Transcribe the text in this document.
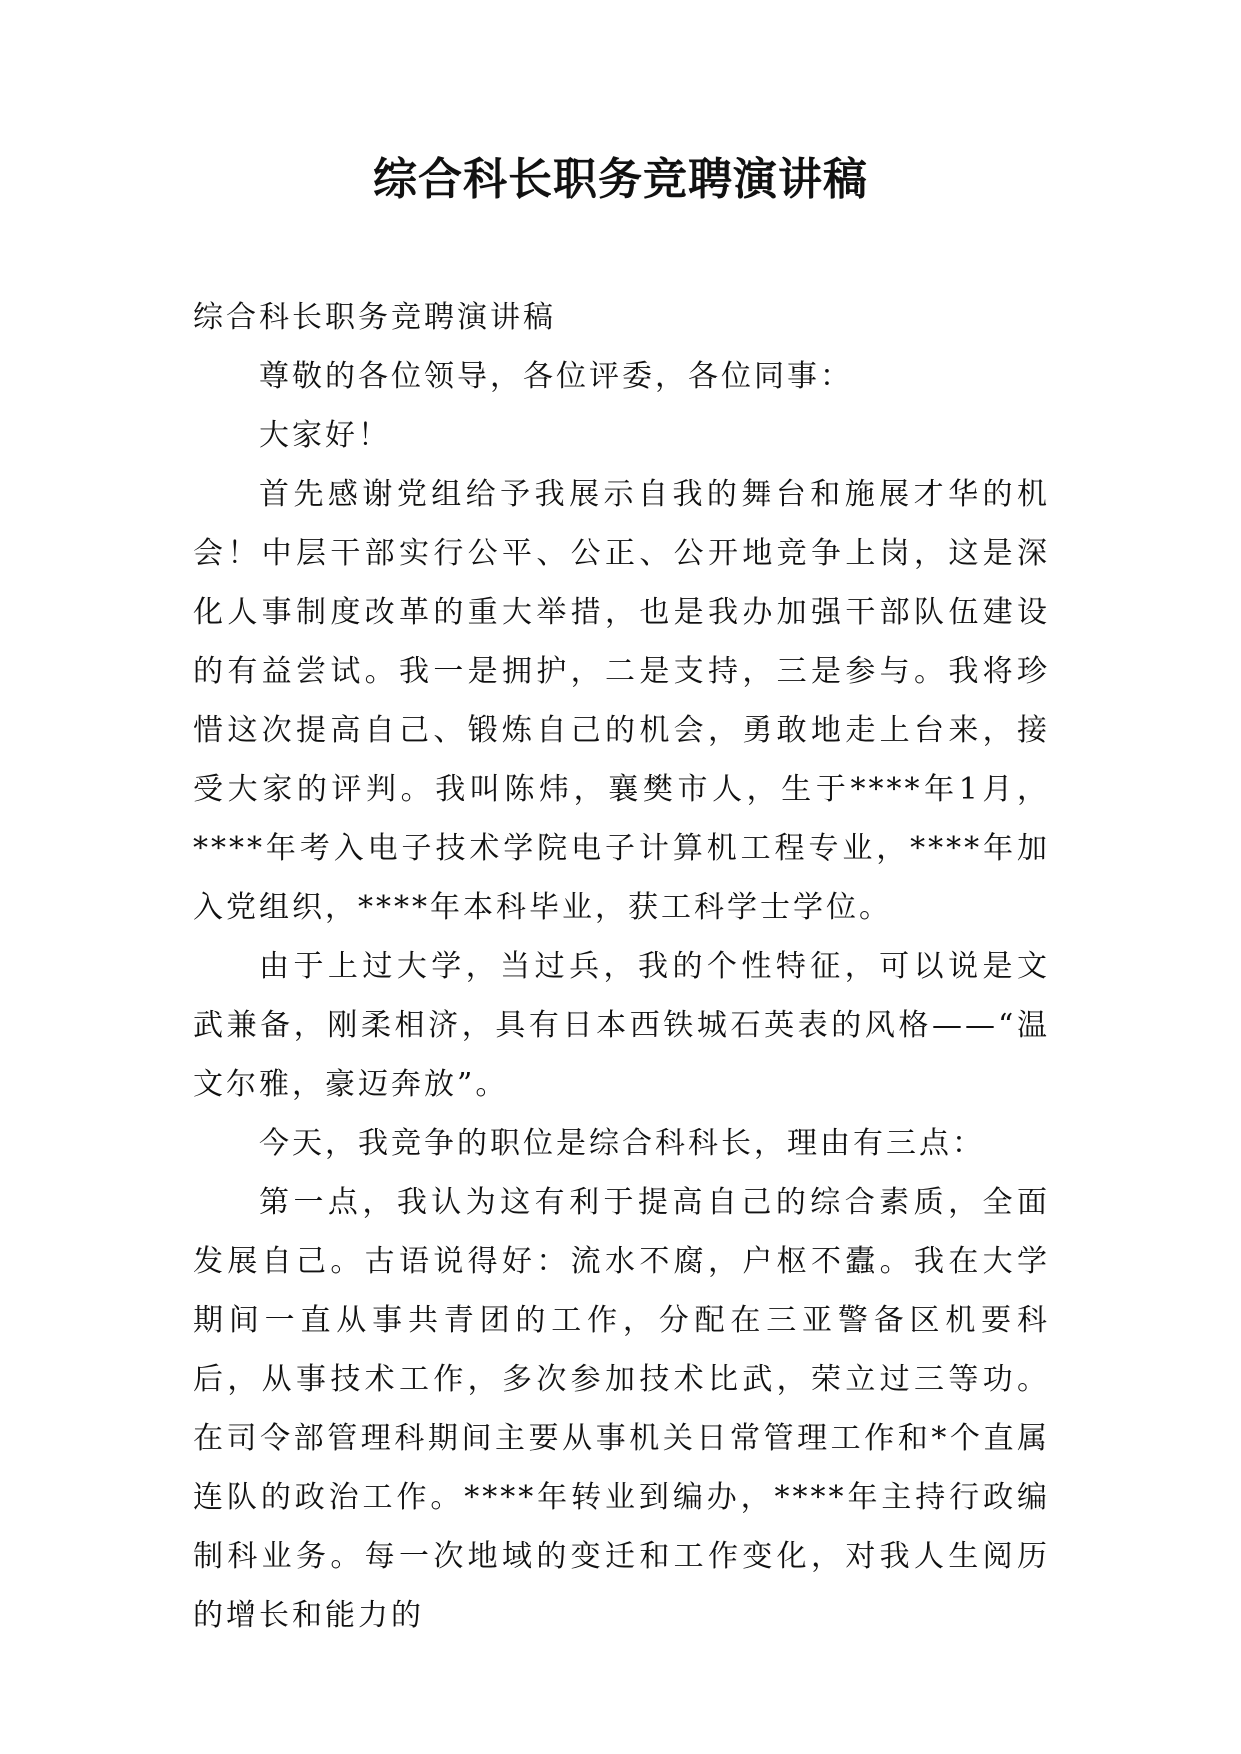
综合科长职务竞聘演讲稿

综合科长职务竞聘演讲稿

尊敬的各位领导，各位评委，各位同事：

大家好！

首先感谢党组给予我展示自我的舞台和施展才华的机会！中层干部实行公平、公正、公开地竞争上岗，这是深化人事制度改革的重大举措，也是我办加强干部队伍建设的有益尝试。我一是拥护，二是支持，三是参与。我将珍惜这次提高自己、锻炼自己的机会，勇敢地走上台来，接受大家的评判。我叫陈炜，襄樊市人，生于****年1月，****年考入电子技术学院电子计算机工程专业，****年加入党组织，****年本科毕业，获工科学士学位。

由于上过大学，当过兵，我的个性特征，可以说是文武兼备，刚柔相济，具有日本西铁城石英表的风格——“温文尔雅，豪迈奔放”。

今天，我竞争的职位是综合科科长，理由有三点：

第一点，我认为这有利于提高自己的综合素质，全面发展自己。古语说得好：流水不腐，户枢不蠹。我在大学期间一直从事共青团的工作，分配在三亚警备区机要科后，从事技术工作，多次参加技术比武，荣立过三等功。在司令部管理科期间主要从事机关日常管理工作和*个直属连队的政治工作。****年转业到编办，****年主持行政编制科业务。每一次地域的变迁和工作变化，对我人生阅历的增长和能力的
